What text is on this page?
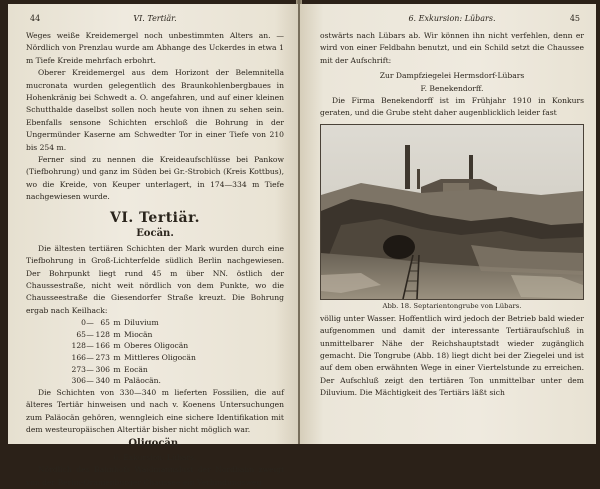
44	VI. Tertiär.

Weges weiße Kreidemergel noch unbestimmten Alters an. — Nördlich von Prenzlau wurde am Abhange des Uckerdes in etwa 1 m Tiefe Kreide mehrfach erbohrt.

Oberer Kreidemergel aus dem Horizont der Belemnitella mucronata wurden gelegentlich des Braunkohlenbergbaues in Hohenkränig bei Schwedt a. O. angefahren, und auf einer kleinen Schutthalde daselbst sollen noch heute von ihnen zu sehen sein. Ebenfalls sensone Schichten erschloß die Bohrung in der Ungermünder Kaserne am Schwedter Tor in einer Tiefe von 210 bis 254 m.

Ferner sind zu nennen die Kreideaufschlüsse bei Pankow (Tiefbohrung) und ganz im Süden bei Gr.-Strobich (Kreis Kottbus), wo die Kreide, von Keuper unterlagert, in 174—334 m Tiefe nachgewiesen wurde.

VI. Tertiär.
Eocän.

Die ältesten tertiären Schichten der Mark wurden durch eine Tiefbohrung in Groß-Lichterfelde südlich Berlin nachgewiesen. Der Bohrpunkt liegt rund 45 m über NN. östlich der Chaussestraße, nicht weit nördlich von dem Punkte, wo die Chausseestraße die Giesendorfer Straße kreuzt. Die Bohrung ergab nach Keilhack:

0 — 65 m Diluvium
65 — 128 m Miocän
128 — 166 m Oberes Oligocän
166 — 273 m Mittleres Oligocän
273 — 306 m Eocän
306 — 340 m Paläocän.

Die Schichten von 330—340 m lieferten Fossilien, die auf älteres Tertiär hinweisen und nach v. Koenens Untersuchungen zum Paläocän gehören, wenngleich eine sichere Identifikation mit dem westeuropäischen Altertiär bisher nicht möglich war.

Oligocän.
6. Exkursion: Lübars.

Nördlich des Bahnhofs Waidmannslust der Nordbahn zweigt von der Berlin-Oranienburger Chaussee ein Verbindungsweg

6. Exkursion: Lübars.	45

ostwärts nach Lübars ab. Wir können ihn nicht verfehlen, denn er wird von einer Feldbahn benutzt, und ein Schild setzt die Chaussee mit der Aufschrift:

Zur Dampfziegelei Hermsdorf-Lübars
F. Benekendorff.

Die Firma Benekendorff ist im Frühjahr 1910 in Konkurs geraten, und die Grube steht daher augenblicklich leider fast

Abb. 18. Septarientongrube von Lübars.

völlig unter Wasser. Hoffentlich wird jedoch der Betrieb bald wieder aufgenommen und damit der interessante Tertiäraufschluß in unmittelbarer Nähe der Reichshauptstadt wieder zugänglich gemacht. Die Tongrube (Abb. 18) liegt dicht bei der Ziegelei und ist auf dem oben erwähnten Wege in einer Viertelstunde zu erreichen. Der Aufschluß zeigt den tertiären Ton unmittelbar unter dem Diluvium. Die Mächtigkeit des Tertiärs läßt sich
